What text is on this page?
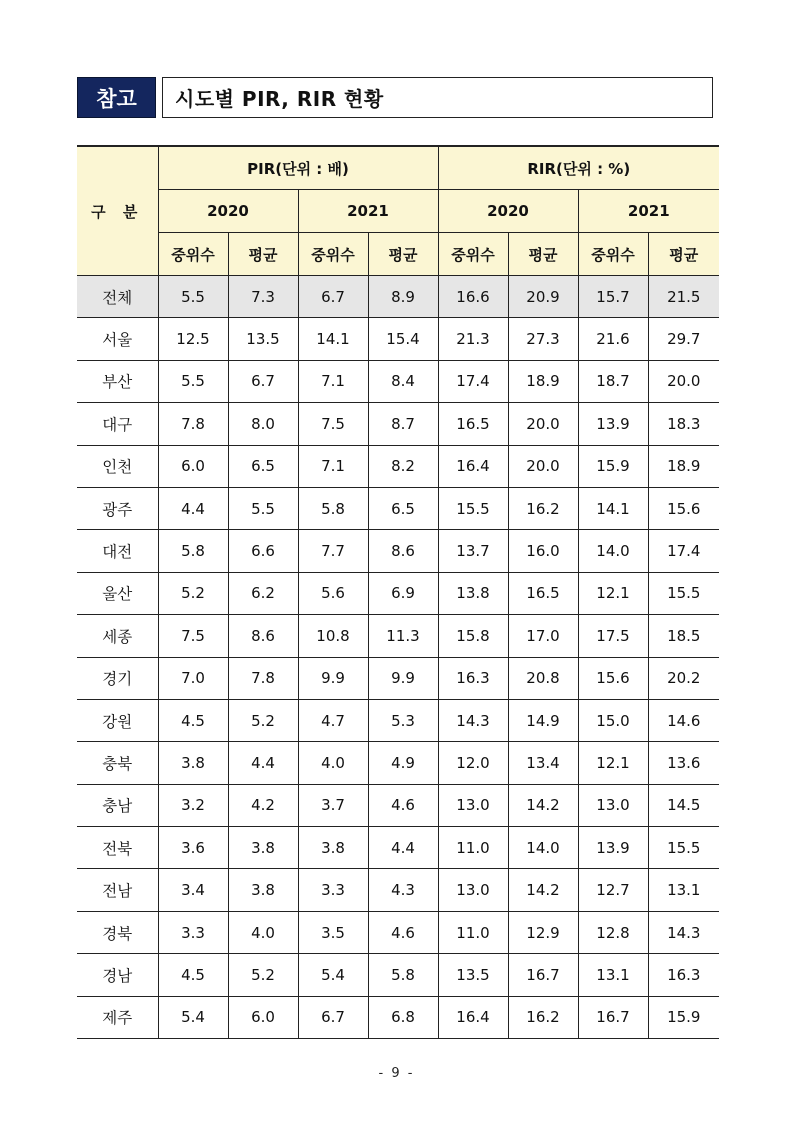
참고	시도별 PIR, RIR 현황
구 분	PIR(단위 : 배)				RIR(단위 : %)			
	2020		2021		2020		2021	
	중위수	평균	중위수	평균	중위수	평균	중위수	평균
전체	5.5	7.3	6.7	8.9	16.6	20.9	15.7	21.5
서울	12.5	13.5	14.1	15.4	21.3	27.3	21.6	29.7
부산	5.5	6.7	7.1	8.4	17.4	18.9	18.7	20.0
대구	7.8	8.0	7.5	8.7	16.5	20.0	13.9	18.3
인천	6.0	6.5	7.1	8.2	16.4	20.0	15.9	18.9
광주	4.4	5.5	5.8	6.5	15.5	16.2	14.1	15.6
대전	5.8	6.6	7.7	8.6	13.7	16.0	14.0	17.4
울산	5.2	6.2	5.6	6.9	13.8	16.5	12.1	15.5
세종	7.5	8.6	10.8	11.3	15.8	17.0	17.5	18.5
경기	7.0	7.8	9.9	9.9	16.3	20.8	15.6	20.2
강원	4.5	5.2	4.7	5.3	14.3	14.9	15.0	14.6
충북	3.8	4.4	4.0	4.9	12.0	13.4	12.1	13.6
충남	3.2	4.2	3.7	4.6	13.0	14.2	13.0	14.5
전북	3.6	3.8	3.8	4.4	11.0	14.0	13.9	15.5
전남	3.4	3.8	3.3	4.3	13.0	14.2	12.7	13.1
경북	3.3	4.0	3.5	4.6	11.0	12.9	12.8	14.3
경남	4.5	5.2	5.4	5.8	13.5	16.7	13.1	16.3
제주	5.4	6.0	6.7	6.8	16.4	16.2	16.7	15.9
- 9 -
